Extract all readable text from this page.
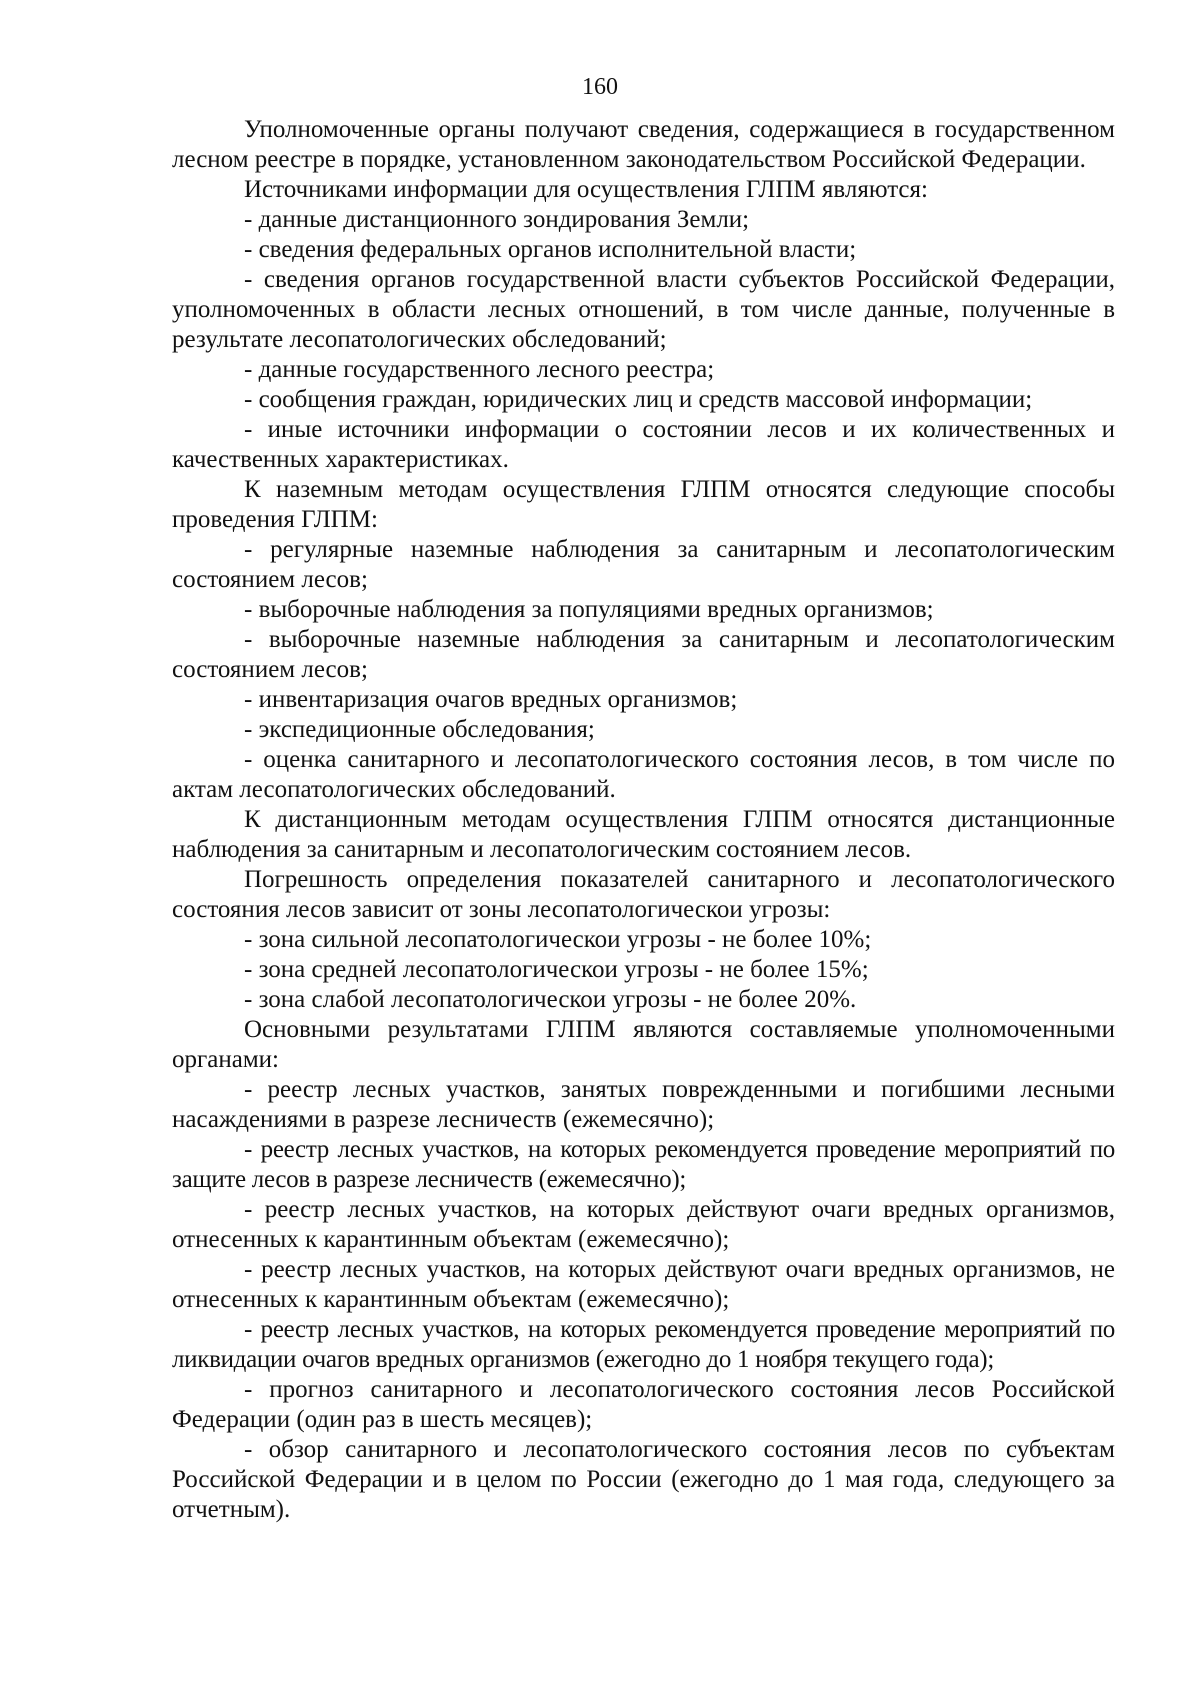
160

Уполномоченные органы получают сведения, содержащиеся в государственном лесном реестре в порядке, установленном законодательством Российской Федерации.

Источниками информации для осуществления ГЛПМ являются:

- данные дистанционного зондирования Земли;

- сведения федеральных органов исполнительной власти;

- сведения органов государственной власти субъектов Российской Федерации, уполномоченных в области лесных отношений, в том числе данные, полученные в результате лесопатологических обследований;

- данные государственного лесного реестра;

- сообщения граждан, юридических лиц и средств массовой информации;

- иные источники информации о состоянии лесов и их количественных и качественных характеристиках.

К наземным методам осуществления ГЛПМ относятся следующие способы проведения ГЛПМ:

- регулярные наземные наблюдения за санитарным и лесопатологическим состоянием лесов;

- выборочные наблюдения за популяциями вредных организмов;

- выборочные наземные наблюдения за санитарным и лесопатологическим состоянием лесов;

- инвентаризация очагов вредных организмов;

- экспедиционные обследования;

- оценка санитарного и лесопатологического состояния лесов, в том числе по актам лесопатологических обследований.

К дистанционным методам осуществления ГЛПМ относятся дистанционные наблюдения за санитарным и лесопатологическим состоянием лесов.

Погрешность определения показателей санитарного и лесопатологического состояния лесов зависит от зоны лесопатологическои угрозы:

- зона сильной лесопатологическои угрозы - не более 10%;

- зона средней лесопатологическои угрозы - не более 15%;

- зона слабой лесопатологическои угрозы - не более 20%.

Основными результатами ГЛПМ являются составляемые уполномоченными органами:

- реестр лесных участков, занятых поврежденными и погибшими лесными насаждениями в разрезе лесничеств (ежемесячно);

- реестр лесных участков, на которых рекомендуется проведение мероприятий по защите лесов в разрезе лесничеств (ежемесячно);

- реестр лесных участков, на которых действуют очаги вредных организмов, отнесенных к карантинным объектам (ежемесячно);

- реестр лесных участков, на которых действуют очаги вредных организмов, не отнесенных к карантинным объектам (ежемесячно);

- реестр лесных участков, на которых рекомендуется проведение мероприятий по ликвидации очагов вредных организмов (ежегодно до 1 ноября текущего года);

- прогноз санитарного и лесопатологического состояния лесов Российской Федерации (один раз в шесть месяцев);

- обзор санитарного и лесопатологического состояния лесов по субъектам Российской Федерации и в целом по России (ежегодно до 1 мая года, следующего за отчетным).
